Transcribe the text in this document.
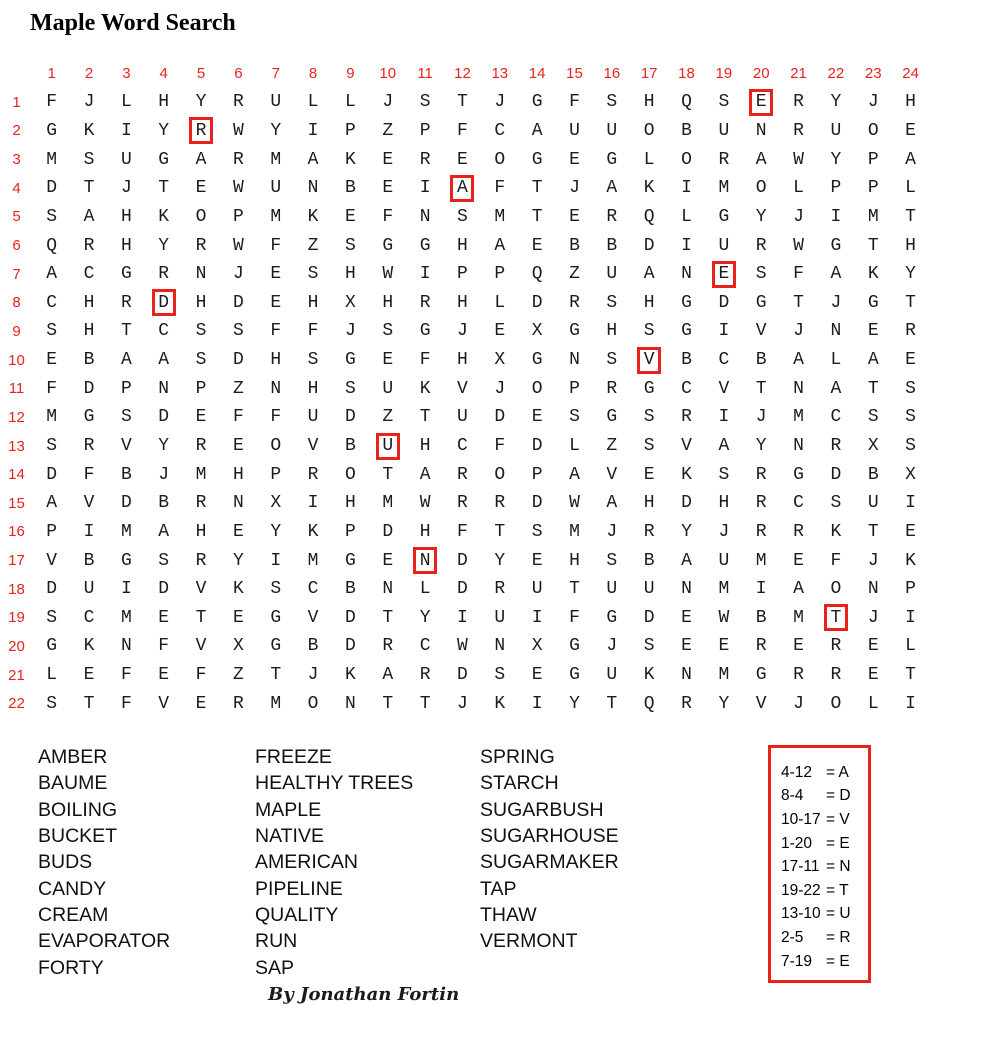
Maple Word Search
1	2	3	4	5	6	7	8	9	10	11	12	13	14	15	16	17	18	19	20	21	22	23	24
1	F	J	L	H	Y	R	U	L	L	J	S	T	J	G	F	S	H	Q	S	E	R	Y	J	H
2	G	K	I	Y	R	W	Y	I	P	Z	P	F	C	A	U	U	O	B	U	N	R	U	O	E
3	M	S	U	G	A	R	M	A	K	E	R	E	O	G	E	G	L	O	R	A	W	Y	P	A
4	D	T	J	T	E	W	U	N	B	E	I	A	F	T	J	A	K	I	M	O	L	P	P	L
5	S	A	H	K	O	P	M	K	E	F	N	S	M	T	E	R	Q	L	G	Y	J	I	M	T
6	Q	R	H	Y	R	W	F	Z	S	G	G	H	A	E	B	B	D	I	U	R	W	G	T	H
7	A	C	G	R	N	J	E	S	H	W	I	P	P	Q	Z	U	A	N	E	S	F	A	K	Y
8	C	H	R	D	H	D	E	H	X	H	R	H	L	D	R	S	H	G	D	G	T	J	G	T
9	S	H	T	C	S	S	F	F	J	S	G	J	E	X	G	H	S	G	I	V	J	N	E	R
10	E	B	A	A	S	D	H	S	G	E	F	H	X	G	N	S	V	B	C	B	A	L	A	E
11	F	D	P	N	P	Z	N	H	S	U	K	V	J	O	P	R	G	C	V	T	N	A	T	S
12	M	G	S	D	E	F	F	U	D	Z	T	U	D	E	S	G	S	R	I	J	M	C	S	S
13	S	R	V	Y	R	E	O	V	B	U	H	C	F	D	L	Z	S	V	A	Y	N	R	X	S
14	D	F	B	J	M	H	P	R	O	T	A	R	O	P	A	V	E	K	S	R	G	D	B	X
15	A	V	D	B	R	N	X	I	H	M	W	R	R	D	W	A	H	D	H	R	C	S	U	I
16	P	I	M	A	H	E	Y	K	P	D	H	F	T	S	M	J	R	Y	J	R	R	K	T	E
17	V	B	G	S	R	Y	I	M	G	E	N	D	Y	E	H	S	B	A	U	M	E	F	J	K
18	D	U	I	D	V	K	S	C	B	N	L	D	R	U	T	U	U	N	M	I	A	O	N	P
19	S	C	M	E	T	E	G	V	D	T	Y	I	U	I	F	G	D	E	W	B	M	T	J	I
20	G	K	N	F	V	X	G	B	D	R	C	W	N	X	G	J	S	E	E	R	E	R	E	L
21	L	E	F	E	F	Z	T	J	K	A	R	D	S	E	G	U	K	N	M	G	R	R	E	T
22	S	T	F	V	E	R	M	O	N	T	T	J	K	I	Y	T	Q	R	Y	V	J	O	L	I
AMBER
BAUME
BOILING
BUCKET
BUDS
CANDY
CREAM
EVAPORATOR
FORTY
FREEZE
HEALTHY TREES
MAPLE
NATIVE
AMERICAN
PIPELINE
QUALITY
RUN
SAP
SPRING
STARCH
SUGARBUSH
SUGARHOUSE
SUGARMAKER
TAP
THAW
VERMONT
4-12 = A
8-4	= D
10-17 = V
1-20 = E
17-11 = N
19-22 = T
13-10 = U
2-5	= R
7-19 = E
By Jonathan Fortin
